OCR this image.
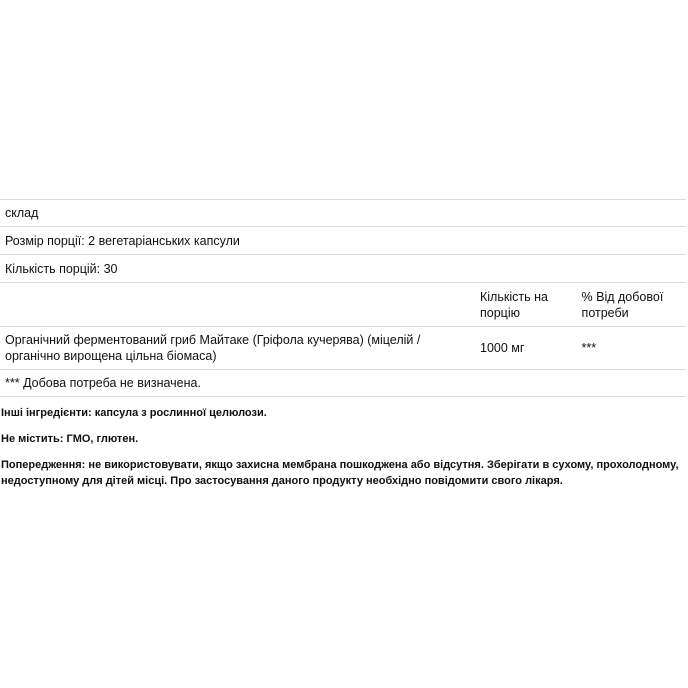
склад		
Розмір порції: 2 вегетаріанських капсули		
Кількість порцій: 30		
	Кількість на порцію	% Від добової потреби
Органічний ферментований гриб Майтаке (Гріфола кучерява) (міцелій / органічно вирощена цільна біомаса)	1000 мг	***
*** Добова потреба не визначена.		

Інші інгредієнти: капсула з рослинної целюлози.

Не містить: ГМО, глютен.

Попередження: не використовувати, якщо захисна мембрана пошкоджена або відсутня. Зберігати в сухому, прохолодному, недоступному для дітей місці. Про застосування даного продукту необхідно повідомити свого лікаря.
